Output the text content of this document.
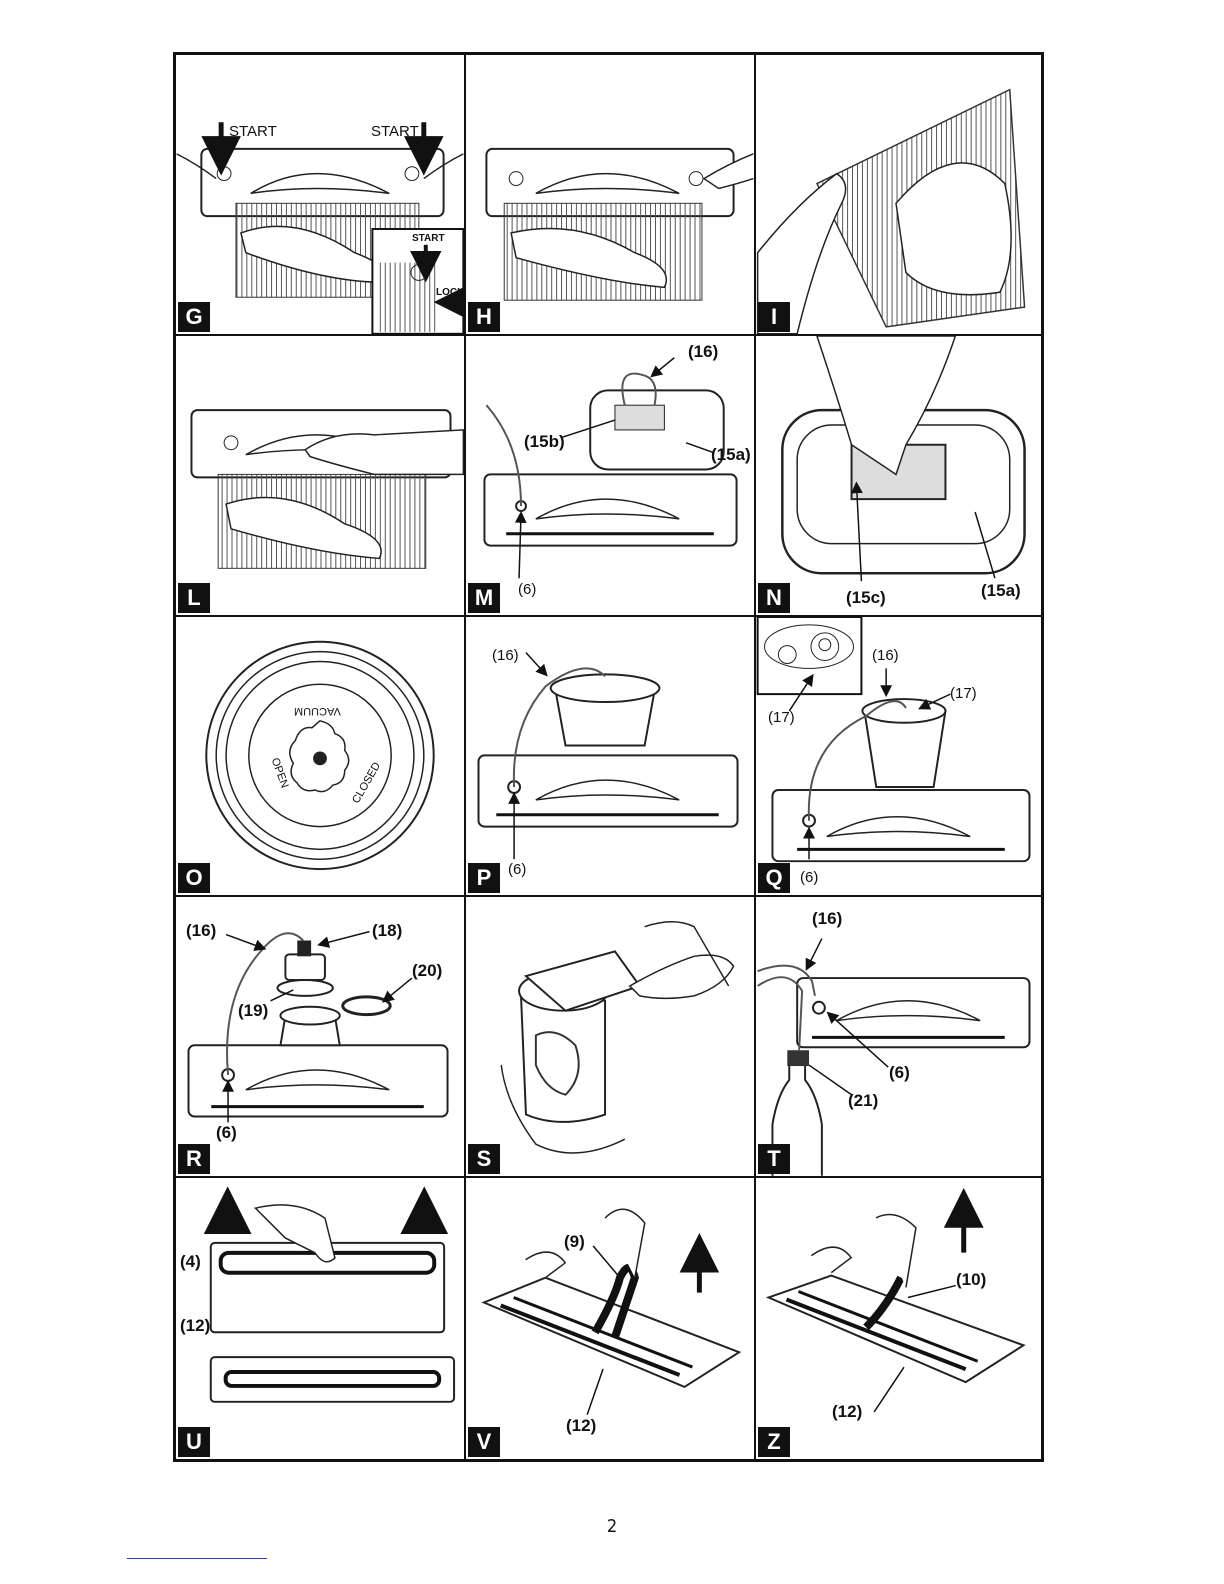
START	START
START
LOCK
G	H	I
L
(16)
(15b)
(15a)
(6)
M	(15c)	(15a)
N
VACUUM
OPEN	CLOSED
O
(16)
(6)
P
(16)
(17)
(17)
(6)
Q
(16)	(18)
(20)
(19)
(6)
R	S
(16)
(6)
(21)
T
(4)
(12)
U
(9)
(12)
V
(10)
(12)
Z
2
